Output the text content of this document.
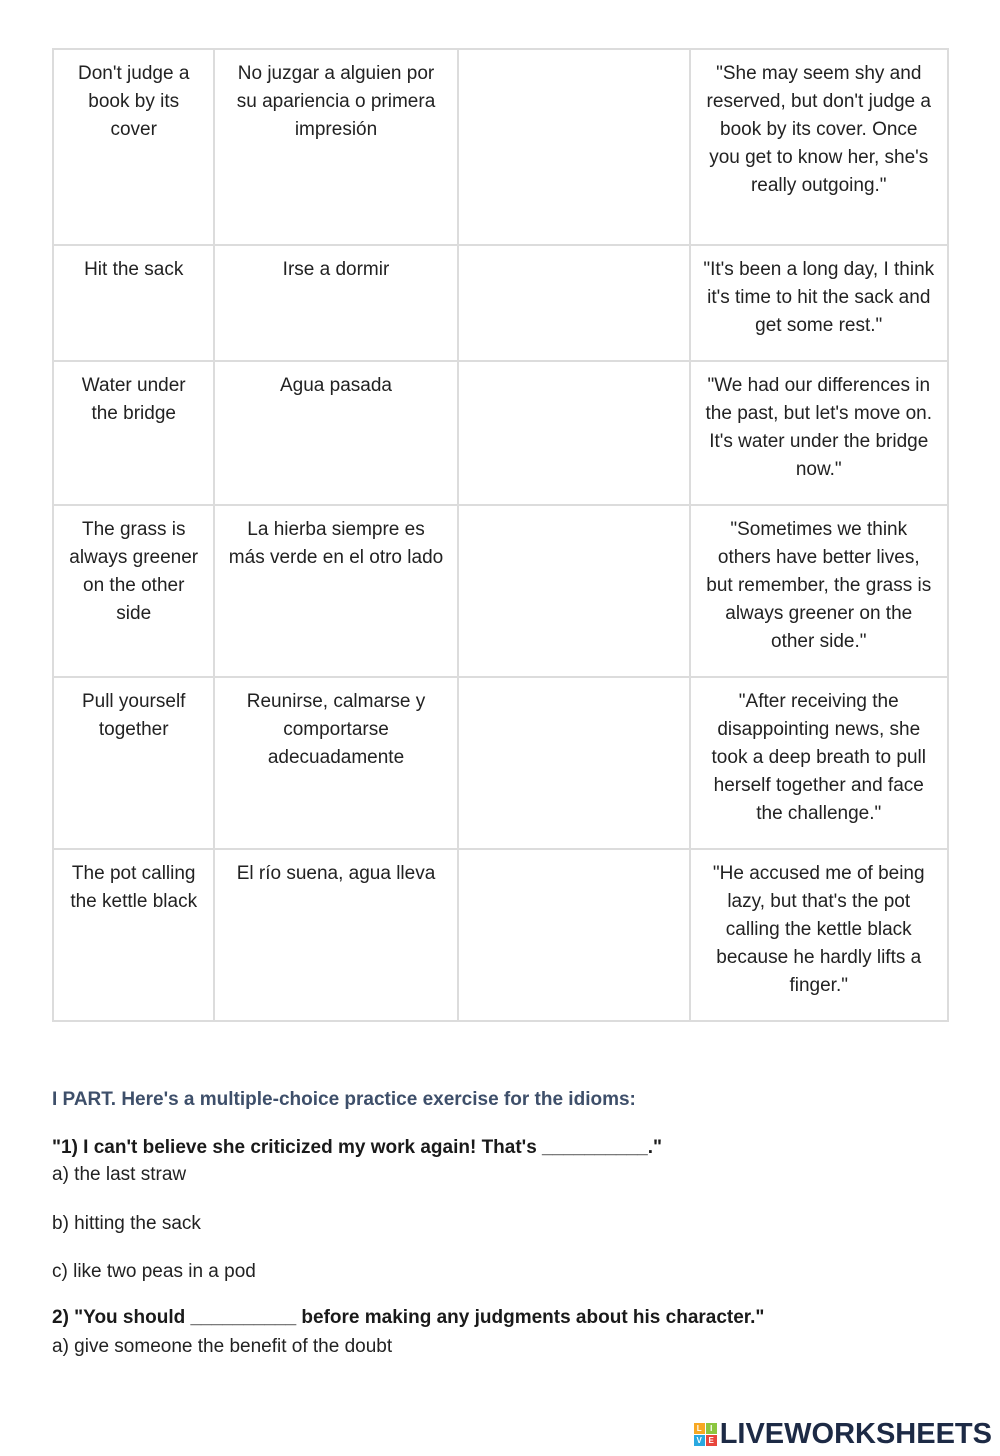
Don't judge a book by its cover	No juzgar a alguien por su apariencia o primera impresión		"She may seem shy and reserved, but don't judge a book by its cover. Once you get to know her, she's really outgoing."
Hit the sack	Irse a dormir		"It's been a long day, I think it's time to hit the sack and get some rest."
Water under the bridge	Agua pasada		"We had our differences in the past, but let's move on. It's water under the bridge now."
The grass is always greener on the other side	La hierba siempre es más verde en el otro lado		"Sometimes we think others have better lives, but remember, the grass is always greener on the other side."
Pull yourself together	Reunirse, calmarse y comportarse adecuadamente		"After receiving the disappointing news, she took a deep breath to pull herself together and face the challenge."
The pot calling the kettle black	El río suena, agua lleva		"He accused me of being lazy, but that's the pot calling the kettle black because he hardly lifts a finger."

I PART. Here's a multiple-choice practice exercise for the idioms:

"1) I can't believe she criticized my work again! That's __________."

a) the last straw

b) hitting the sack

c) like two peas in a pod

2) "You should __________ before making any judgments about his character."

a) give someone the benefit of the doubt

L	I
V E LIVEWORKSHEETS
